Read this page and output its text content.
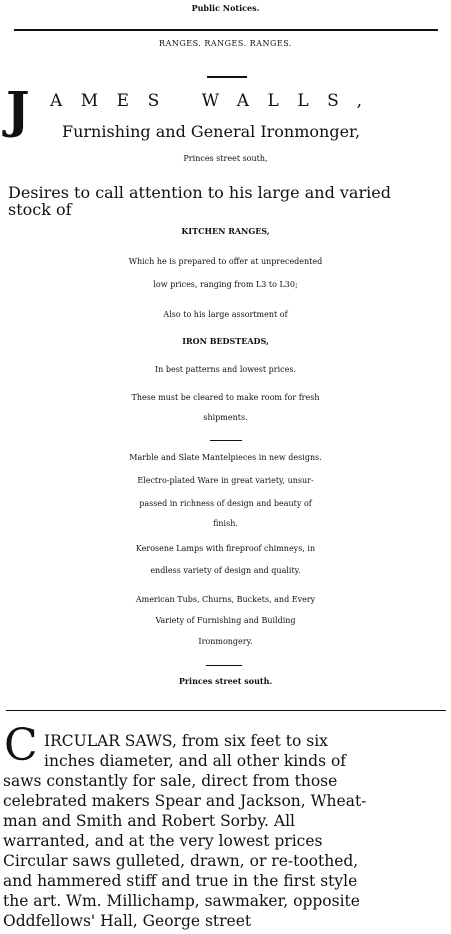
Public Notices.
RANGES. RANGES. RANGES.
J AMES WALLS,
Furnishing and General Ironmonger,
Princes street south,
Desires to call attention to his large and varied
stock of
KITCHEN RANGES,
Which he is prepared to offer at unprecedented
low prices, ranging from L3 to L30;
Also to his large assortment of
IRON BEDSTEADS,
In best patterns and lowest prices.
These must be cleared to make room for fresh
shipments.
Marble and Slate Mantelpieces in new designs.
Electro-plated Ware in great variety, unsur-
passed in richness of design and beauty of
finish.
Kerosene Lamps with fireproof chimneys, in
endless variety of design and quality.
American Tubs, Churns, Buckets, and Every
Variety of Furnishing and Building
Ironmongery.
Princes street south.
C IRCULAR SAWS, from six feet to six
inches diameter, and all other kinds of
saws constantly for sale, direct from those
celebrated makers Spear and Jackson, Wheat-
man and Smith and Robert Sorby. All
warranted, and at the very lowest prices
Circular saws gulleted, drawn, or re-toothed,
and hammered stiff and true in the first style
the art. Wm. Millichamp, sawmaker, opposite
Oddfellows' Hall, George street
